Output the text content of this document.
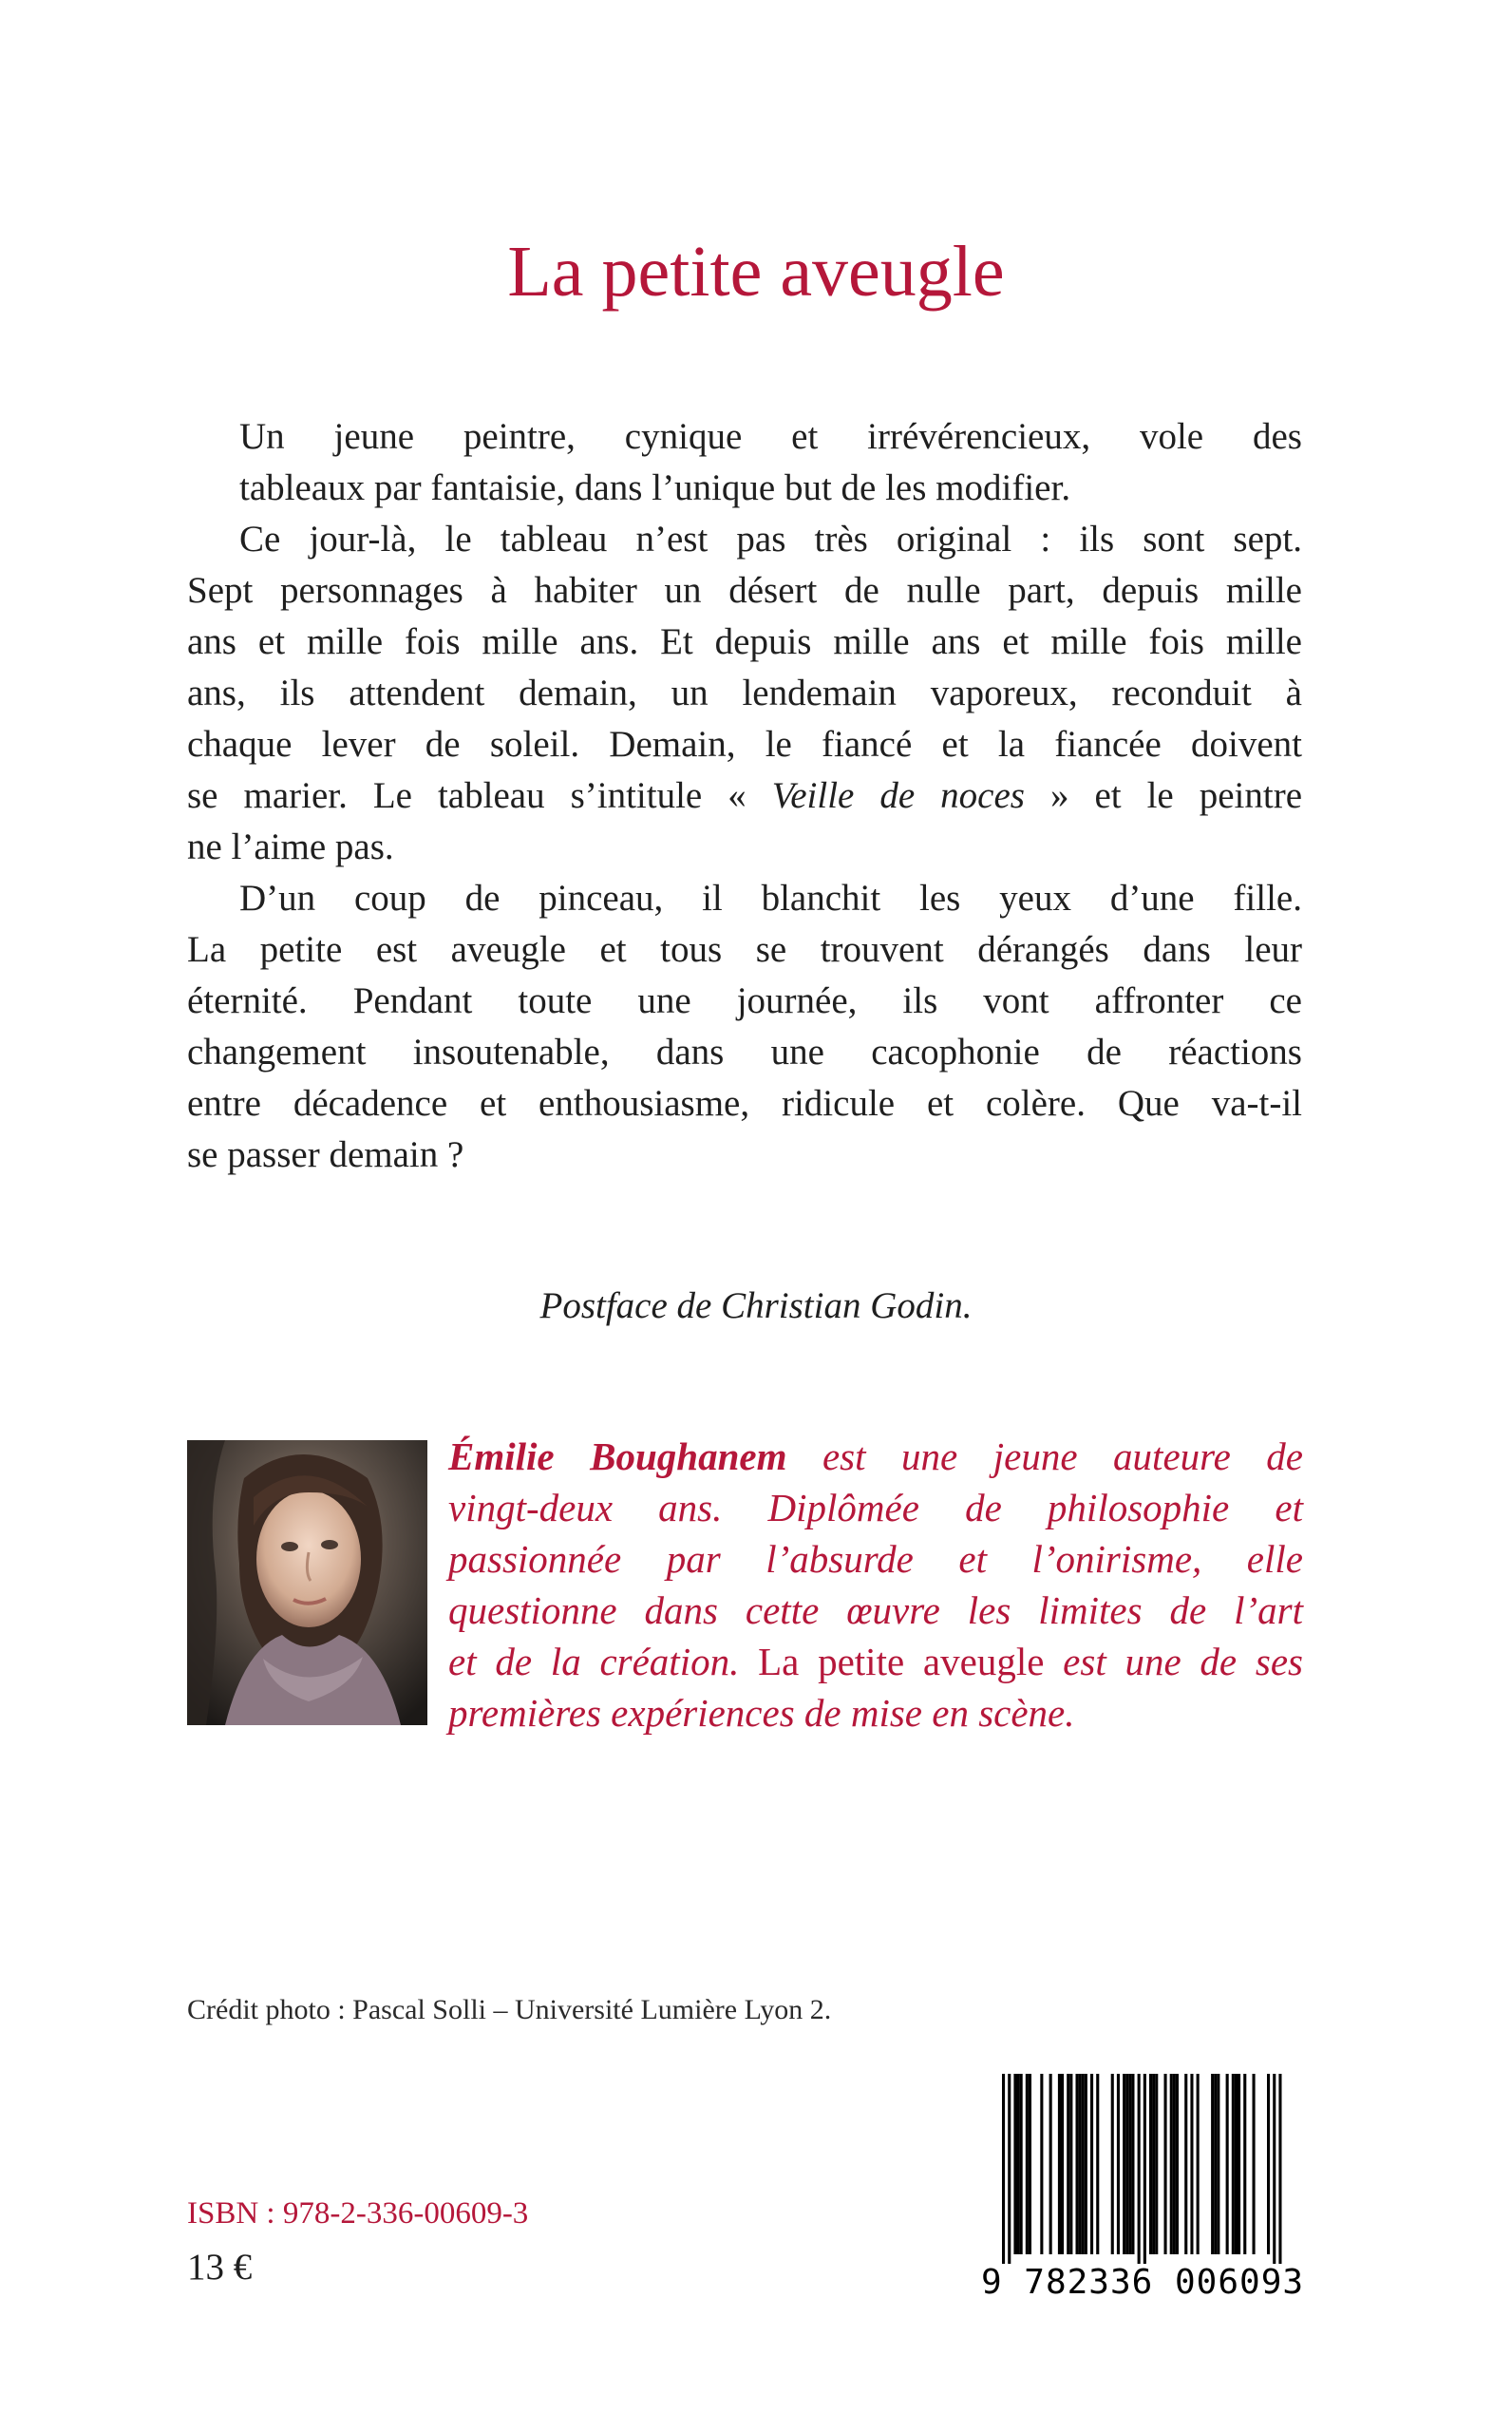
La petite aveugle

Un jeune peintre, cynique et irrévérencieux, vole des
tableaux par fantaisie, dans l’unique but de les modifier.

Ce jour-là, le tableau n’est pas très original : ils sont sept.
Sept personnages à habiter un désert de nulle part, depuis mille
ans et mille fois mille ans. Et depuis mille ans et mille fois mille
ans, ils attendent demain, un lendemain vaporeux, reconduit à
chaque lever de soleil. Demain, le fiancé et la fiancée doivent
se marier. Le tableau s’intitule « Veille de noces » et le peintre
ne l’aime pas.

D’un coup de pinceau, il blanchit les yeux d’une fille.
La petite est aveugle et tous se trouvent dérangés dans leur
éternité. Pendant toute une journée, ils vont affronter ce
changement insoutenable, dans une cacophonie de réactions
entre décadence et enthousiasme, ridicule et colère. Que va-t-il
se passer demain ?

Postface de Christian Godin.
Émilie Boughanem est une jeune auteure de
vingt-deux ans. Diplômée de philosophie et
passionnée par l’absurde et l’onirisme, elle
questionne dans cette œuvre les limites de l’art
et de la création. La petite aveugle est une de ses
premières expériences de mise en scène.
Crédit photo : Pascal Solli – Université Lumière Lyon 2.
ISBN : 978-2-336-00609-3
13 €	9 782336 006093
